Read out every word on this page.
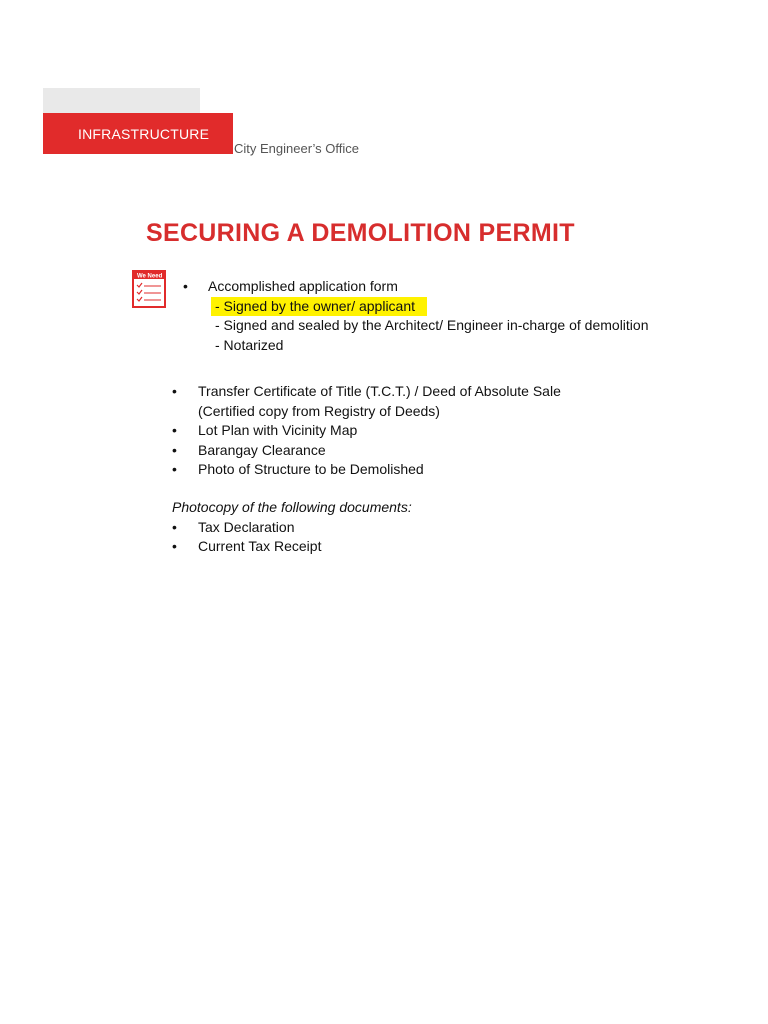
INFRASTRUCTURE
City Engineer’s Office
SECURING A DEMOLITION PERMIT
We Need
• Accomplished application form
- Signed by the owner/ applicant
- Signed and sealed by the Architect/ Engineer in-charge of demolition
- Notarized
• Transfer Certificate of Title (T.C.T.) / Deed of Absolute Sale
(Certified copy from Registry of Deeds)
• Lot Plan with Vicinity Map
• Barangay Clearance
• Photo of Structure to be Demolished
Photocopy of the following documents:
• Tax Declaration
• Current Tax Receipt
